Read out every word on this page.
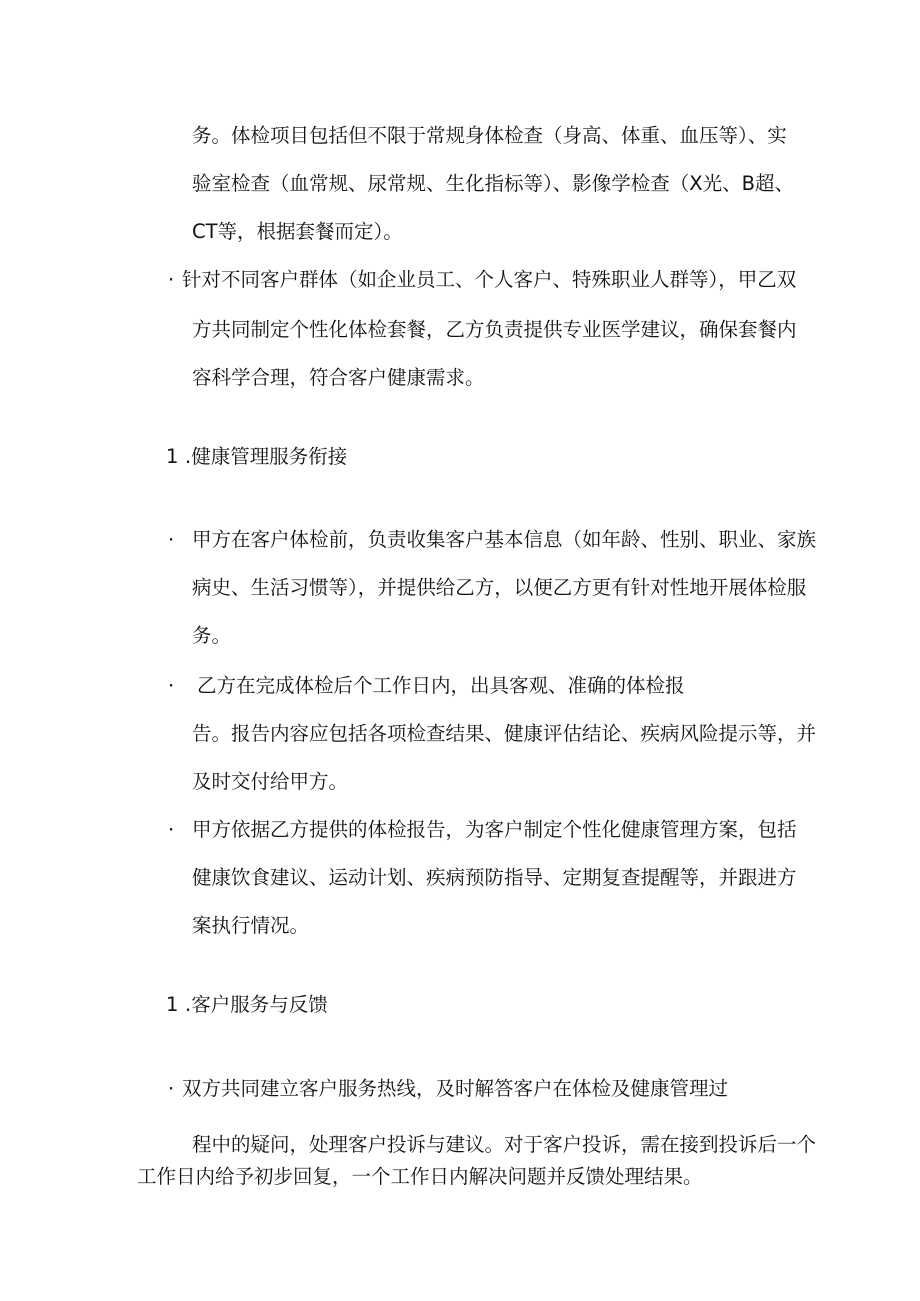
务。体检项目包括但不限于常规身体检查（身高、体重、血压等）、实
验室检查（血常规、尿常规、生化指标等）、影像学检查（X光、B超、
CT等，根据套餐而定）。
· 针对不同客户群体（如企业员工、个人客户、特殊职业人群等），甲乙双
方共同制定个性化体检套餐，乙方负责提供专业医学建议，确保套餐内
容科学合理，符合客户健康需求。
1 .健康管理服务衔接
· 甲方在客户体检前，负责收集客户基本信息（如年龄、性别、职业、家族
病史、生活习惯等），并提供给乙方，以便乙方更有针对性地开展体检服
务。
· 乙方在完成体检后个工作日内，出具客观、准确的体检报
告。报告内容应包括各项检查结果、健康评估结论、疾病风险提示等，并
及时交付给甲方。
· 甲方依据乙方提供的体检报告，为客户制定个性化健康管理方案，包括
健康饮食建议、运动计划、疾病预防指导、定期复查提醒等，并跟进方
案执行情况。
1 .客户服务与反馈
· 双方共同建立客户服务热线，及时解答客户在体检及健康管理过
程中的疑问，处理客户投诉与建议。对于客户投诉，需在接到投诉后一个
工作日内给予初步回复，一个工作日内解决问题并反馈处理结果。
